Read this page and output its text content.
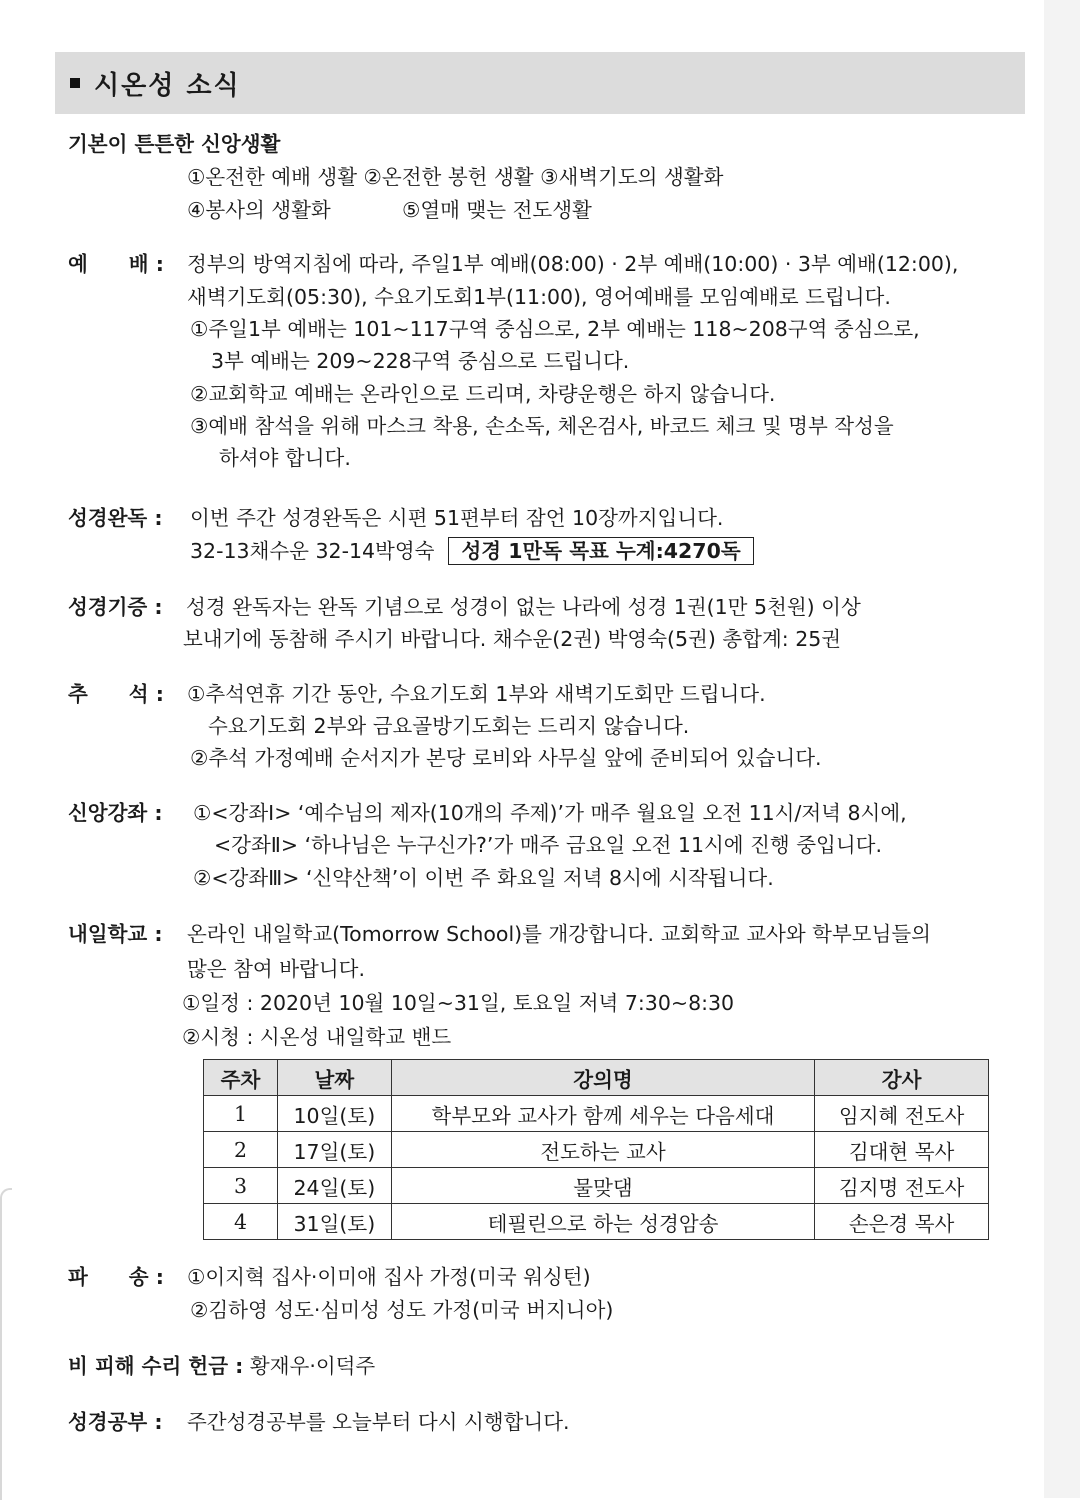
시온성 소식
기본이 튼튼한 신앙생활
①온전한 예배 생활 ②온전한 봉헌 생활 ③새벽기도의 생활화
④봉사의 생활화	⑤열매 맺는 전도생활
예　　배 : 정부의 방역지침에 따라, 주일1부 예배(08:00) · 2부 예배(10:00) · 3부 예배(12:00),
새벽기도회(05:30), 수요기도회1부(11:00), 영어예배를 모임예배로 드립니다.
①주일1부 예배는 101~117구역 중심으로, 2부 예배는 118~208구역 중심으로,
3부 예배는 209~228구역 중심으로 드립니다.
②교회학교 예배는 온라인으로 드리며, 차량운행은 하지 않습니다.
③예배 참석을 위해 마스크 착용, 손소독, 체온검사, 바코드 체크 및 명부 작성을
하셔야 합니다.
성경완독 : 이번 주간 성경완독은 시편 51편부터 잠언 10장까지입니다.
32-13채수운 32-14박영숙 성경 1만독 목표 누계:4270독
성경기증 : 성경 완독자는 완독 기념으로 성경이 없는 나라에 성경 1권(1만 5천원) 이상
보내기에 동참해 주시기 바랍니다. 채수운(2권) 박영숙(5권) 총합계: 25권
추　　석 : ①추석연휴 기간 동안, 수요기도회 1부와 새벽기도회만 드립니다.
수요기도회 2부와 금요골방기도회는 드리지 않습니다.
②추석 가정예배 순서지가 본당 로비와 사무실 앞에 준비되어 있습니다.
신앙강좌 : ①<강좌Ⅰ> ‘예수님의 제자(10개의 주제)’가 매주 월요일 오전 11시/저녁 8시에,
<강좌Ⅱ> ‘하나님은 누구신가?’가 매주 금요일 오전 11시에 진행 중입니다.
②<강좌Ⅲ> ‘신약산책’이 이번 주 화요일 저녁 8시에 시작됩니다.
내일학교 : 온라인 내일학교(Tomorrow School)를 개강합니다. 교회학교 교사와 학부모님들의
많은 참여 바랍니다.
①일정 : 2020년 10월 10일~31일, 토요일 저녁 7:30~8:30
②시청 : 시온성 내일학교 밴드
주차	날짜	강의명	강사
1	10일(토)	학부모와 교사가 함께 세우는 다음세대	임지혜 전도사
2	17일(토)	전도하는 교사	김대현 목사
3	24일(토)	물맞댐	김지명 전도사
4	31일(토)	테필린으로 하는 성경암송	손은경 목사
파　　송 : ①이지혁 집사·이미애 집사 가정(미국 워싱턴)
②김하영 성도·심미성 성도 가정(미국 버지니아)
비 피해 수리 헌금 : 황재우·이덕주
성경공부 : 주간성경공부를 오늘부터 다시 시행합니다.
